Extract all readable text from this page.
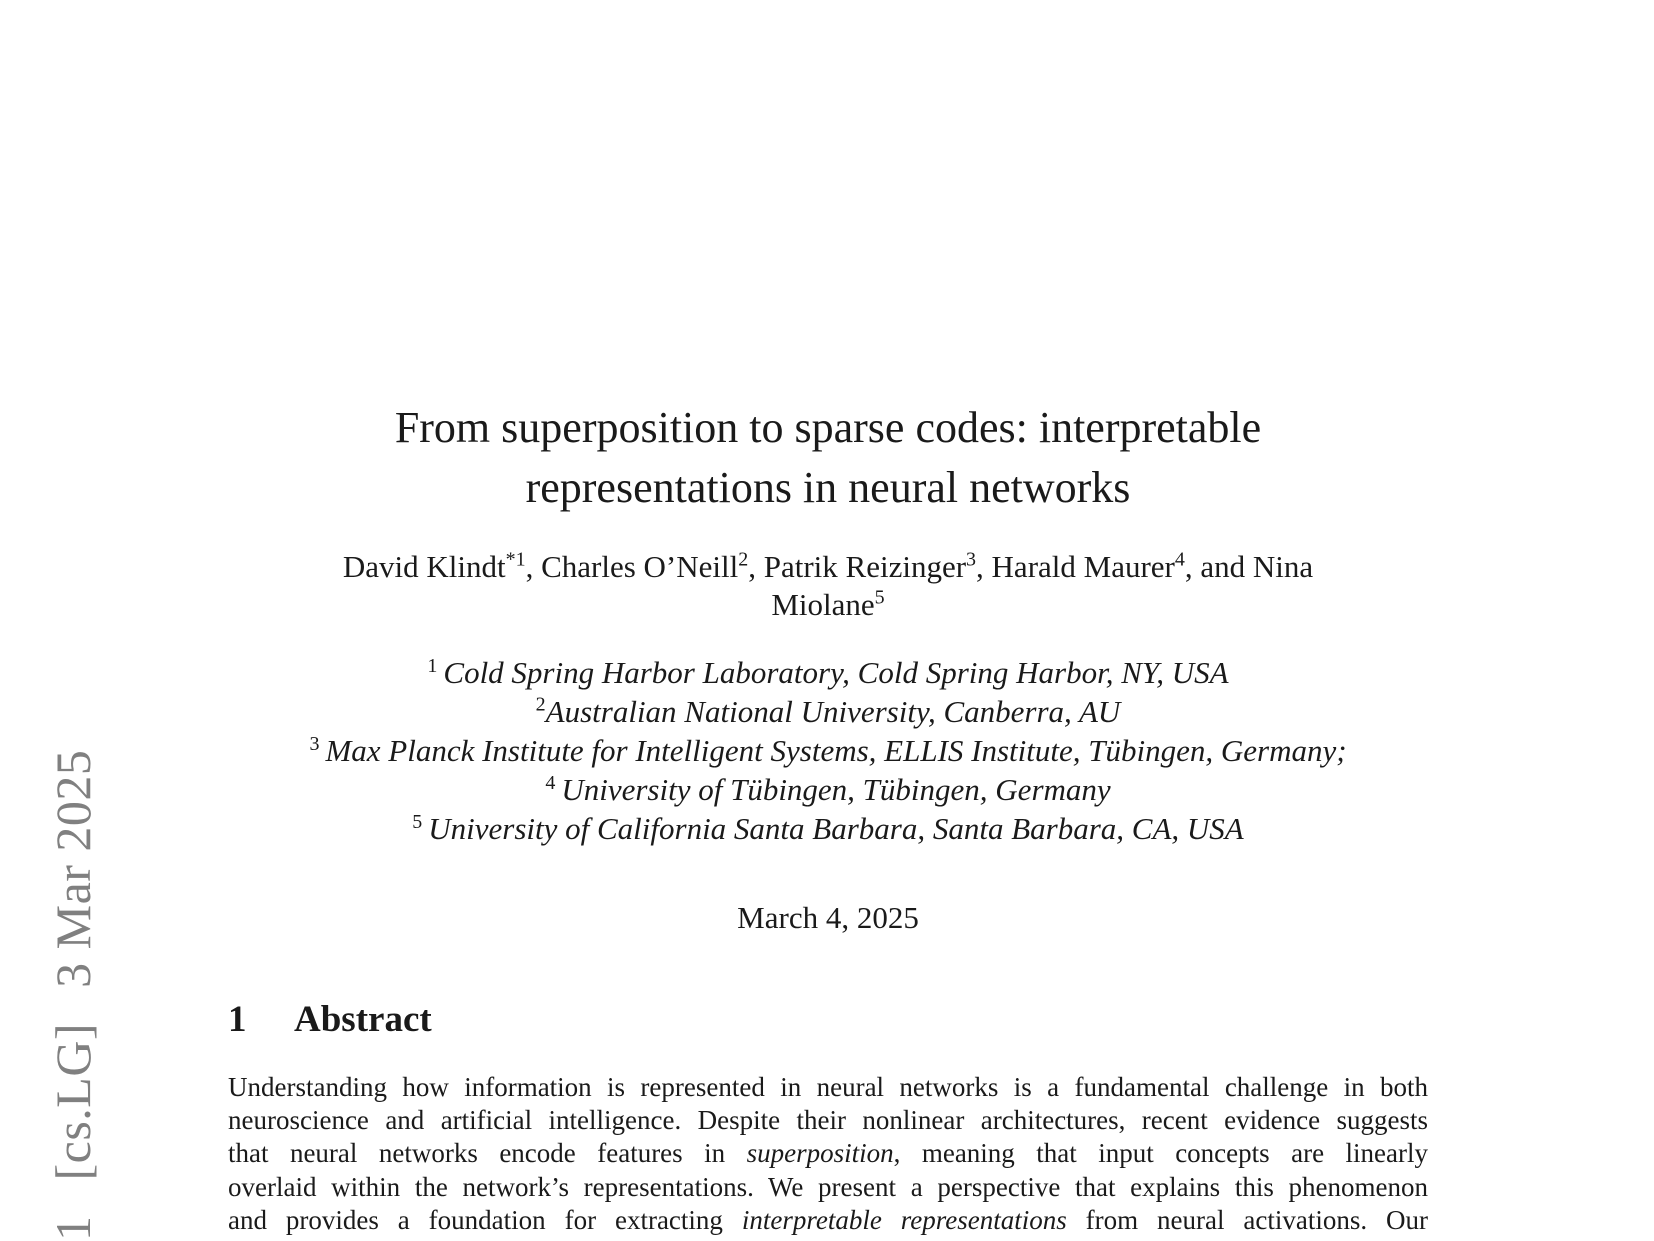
1 [cs.LG] 3 Mar 2025
From superposition to sparse codes: interpretable
representations in neural networks
David Klindt$^{*1}$, Charles O’Neill$^2$, Patrik Reizinger$^3$, Harald Maurer$^4$, and Nina
Miolane$^5$
$^1$ Cold Spring Harbor Laboratory, Cold Spring Harbor, NY, USA
$^2$Australian National University, Canberra, AU
$^3$ Max Planck Institute for Intelligent Systems, ELLIS Institute, Tübingen, Germany;
$^4$ University of Tübingen, Tübingen, Germany
$^5$ University of California Santa Barbara, Santa Barbara, CA, USA
March 4, 2025
1 Abstract

Understanding how information is represented in neural networks is a fundamental challenge in both
neuroscience and artificial intelligence. Despite their nonlinear architectures, recent evidence suggests
that neural networks encode features in superposition, meaning that input concepts are linearly
overlaid within the network’s representations. We present a perspective that explains this phenomenon
and provides a foundation for extracting interpretable representations from neural activations. Our
